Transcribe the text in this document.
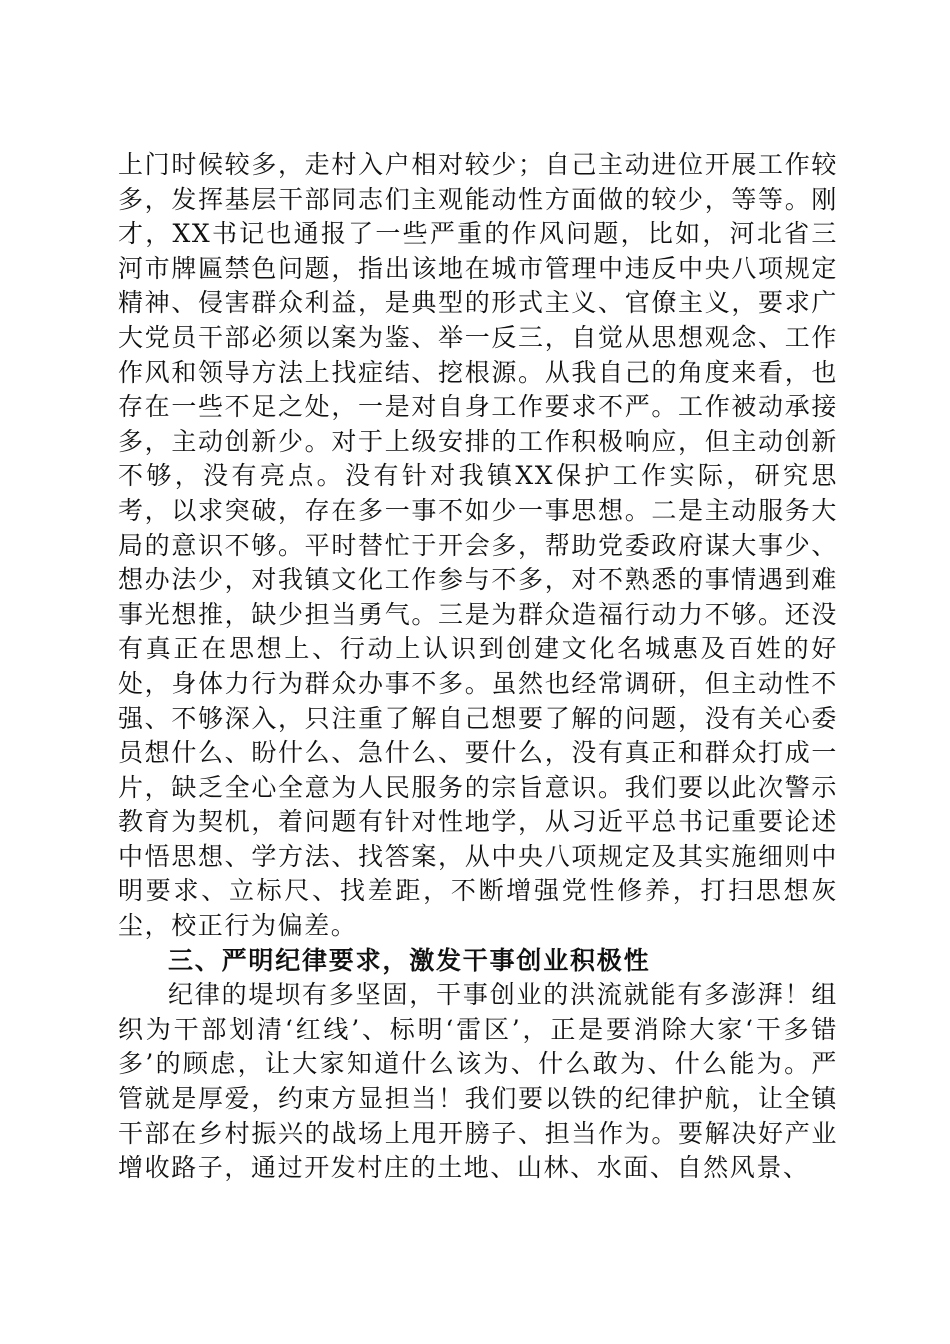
上门时候较多，走村入户相对较少；自己主动进位开展工作较多，发挥基层干部同志们主观能动性方面做的较少，等等。刚才，XX书记也通报了一些严重的作风问题，比如，河北省三河市牌匾禁色问题，指出该地在城市管理中违反中央八项规定精神、侵害群众利益，是典型的形式主义、官僚主义，要求广大党员干部必须以案为鉴、举一反三，自觉从思想观念、工作作风和领导方法上找症结、挖根源。从我自己的角度来看，也存在一些不足之处，一是对自身工作要求不严。工作被动承接多，主动创新少。对于上级安排的工作积极响应，但主动创新不够，没有亮点。没有针对我镇XX保护工作实际，研究思考，以求突破，存在多一事不如少一事思想。二是主动服务大局的意识不够。平时替忙于开会多，帮助党委政府谋大事少、想办法少，对我镇文化工作参与不多，对不熟悉的事情遇到难事光想推，缺少担当勇气。三是为群众造福行动力不够。还没有真正在思想上、行动上认识到创建文化名城惠及百姓的好处，身体力行为群众办事不多。虽然也经常调研，但主动性不强、不够深入，只注重了解自己想要了解的问题，没有关心委员想什么、盼什么、急什么、要什么，没有真正和群众打成一片，缺乏全心全意为人民服务的宗旨意识。我们要以此次警示教育为契机，着问题有针对性地学，从习近平总书记重要论述中悟思想、学方法、找答案，从中央八项规定及其实施细则中明要求、立标尺、找差距，不断增强党性修养，打扫思想灰尘，校正行为偏差。

三、严明纪律要求，激发干事创业积极性

纪律的堤坝有多坚固，干事创业的洪流就能有多澎湃！组织为干部划清‘红线’、标明‘雷区’，正是要消除大家‘干多错多’的顾虑，让大家知道什么该为、什么敢为、什么能为。严管就是厚爱，约束方显担当！我们要以铁的纪律护航，让全镇干部在乡村振兴的战场上甩开膀子、担当作为。要解决好产业增收路子，通过开发村庄的土地、山林、水面、自然风景、
